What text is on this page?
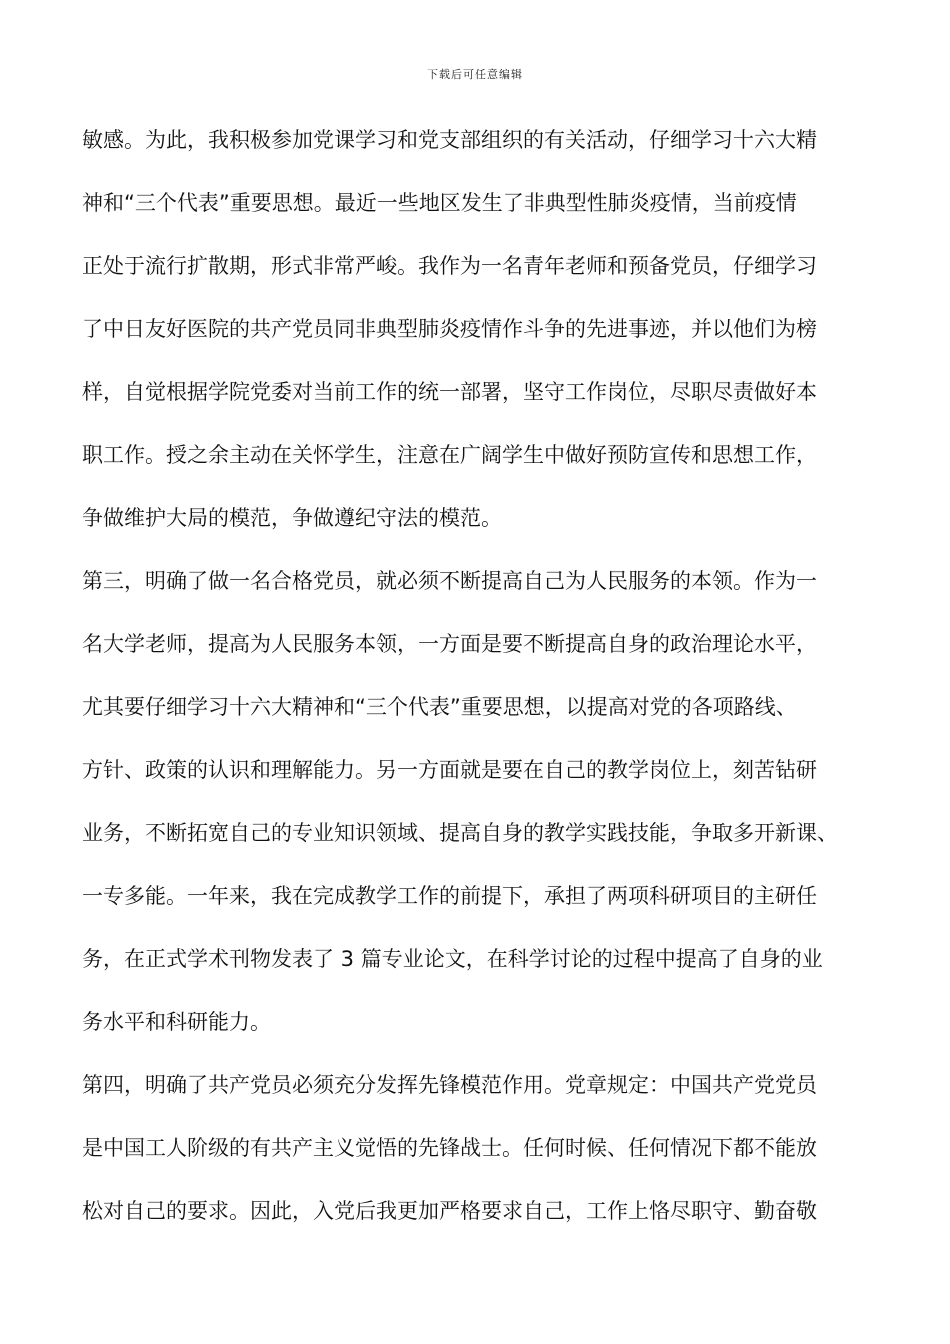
下载后可任意编辑
敏感。为此，我积极参加党课学习和党支部组织的有关活动，仔细学习十六大精
神和“三个代表”重要思想。最近一些地区发生了非典型性肺炎疫情，当前疫情
正处于流行扩散期，形式非常严峻。我作为一名青年老师和预备党员，仔细学习
了中日友好医院的共产党员同非典型肺炎疫情作斗争的先进事迹，并以他们为榜
样，自觉根据学院党委对当前工作的统一部署，坚守工作岗位，尽职尽责做好本
职工作。授之余主动在关怀学生，注意在广阔学生中做好预防宣传和思想工作，
争做维护大局的模范，争做遵纪守法的模范。
第三，明确了做一名合格党员，就必须不断提高自己为人民服务的本领。作为一
名大学老师，提高为人民服务本领，一方面是要不断提高自身的政治理论水平，
尤其要仔细学习十六大精神和“三个代表”重要思想，以提高对党的各项路线、
方针、政策的认识和理解能力。另一方面就是要在自己的教学岗位上，刻苦钻研
业务，不断拓宽自己的专业知识领域、提高自身的教学实践技能，争取多开新课、
一专多能。一年来，我在完成教学工作的前提下，承担了两项科研项目的主研任
务，在正式学术刊物发表了 3 篇专业论文，在科学讨论的过程中提高了自身的业
务水平和科研能力。
第四，明确了共产党员必须充分发挥先锋模范作用。党章规定：中国共产党党员
是中国工人阶级的有共产主义觉悟的先锋战士。任何时候、任何情况下都不能放
松对自己的要求。因此，入党后我更加严格要求自己，工作上恪尽职守、勤奋敬
